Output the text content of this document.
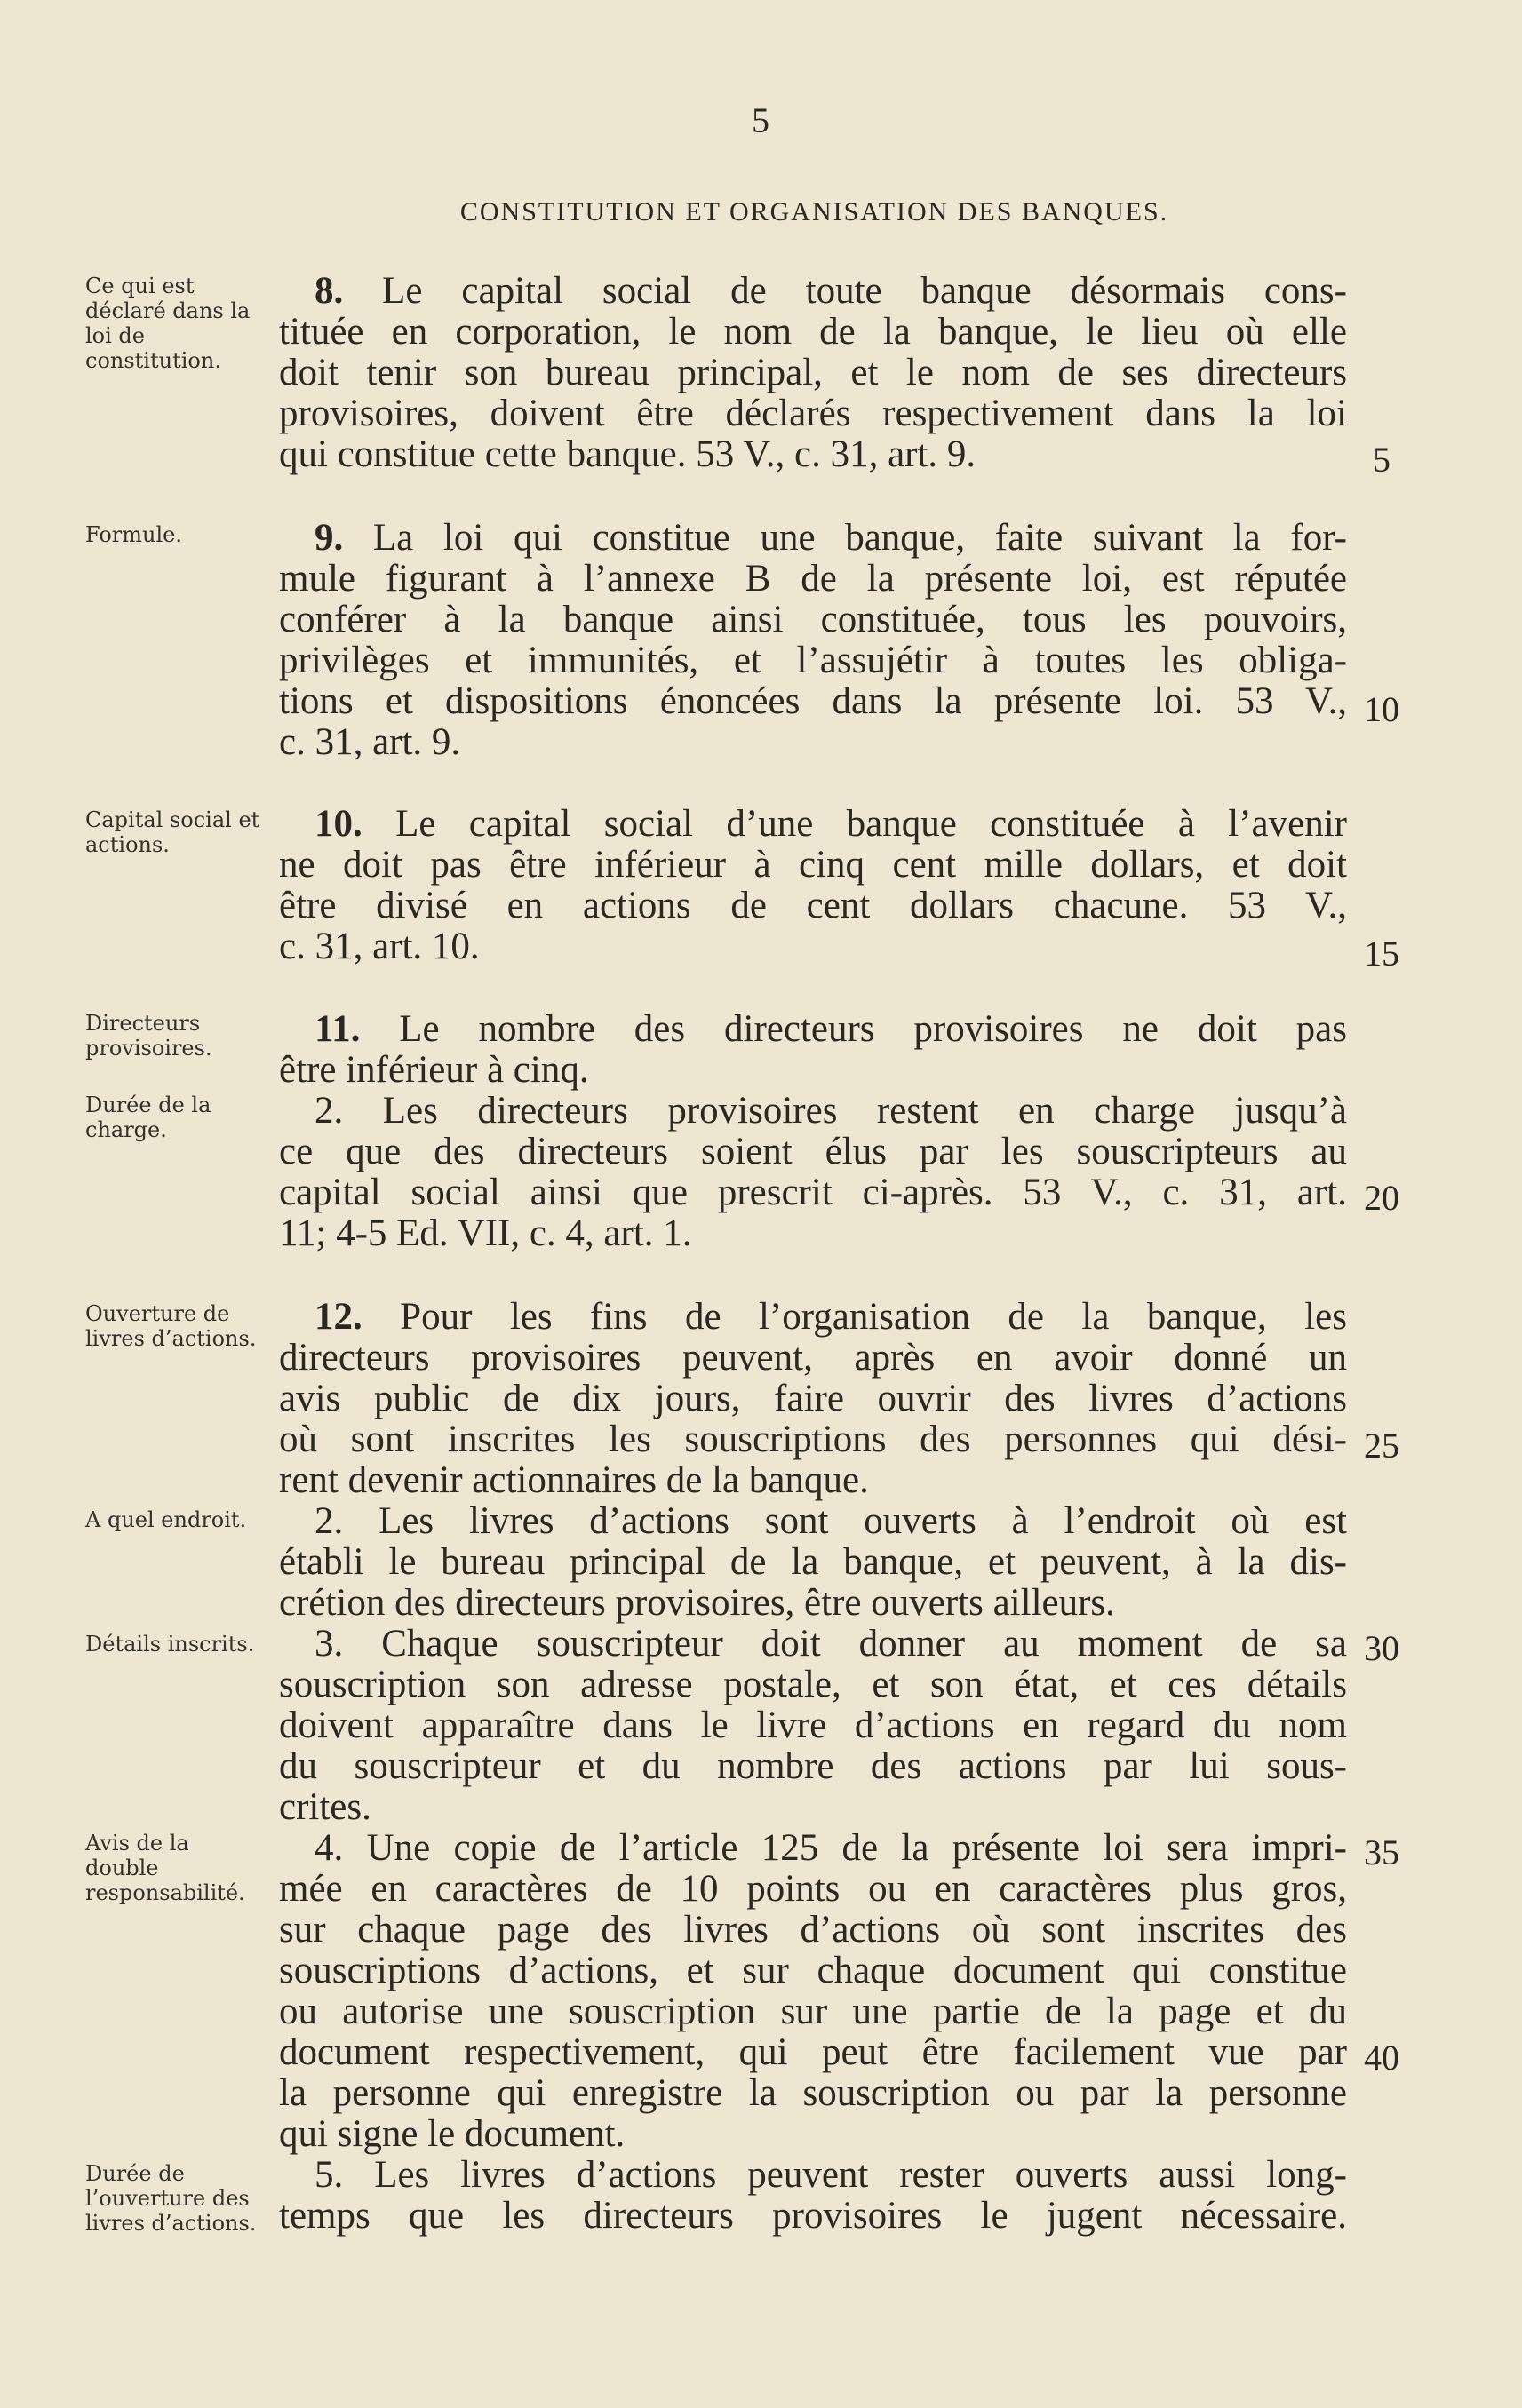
5
CONSTITUTION ET ORGANISATION DES BANQUES.
Ce qui est déclaré dans la loi de constitution.
Formule.
Capital social et actions.
Directeurs provisoires.
Durée de la charge.
Ouverture de livres d’actions.
A quel endroit.
Détails inscrits.
Avis de la double responsabilité.
Durée de l’ouverture des livres d’actions.
8. Le capital social de toute banque désormais cons-
tituée en corporation, le nom de la banque, le lieu où elle
doit tenir son bureau principal, et le nom de ses directeurs
provisoires, doivent être déclarés respectivement dans la loi
qui constitue cette banque. 53 V., c. 31, art. 9.
9. La loi qui constitue une banque, faite suivant la for-
mule figurant à l’annexe B de la présente loi, est réputée
conférer à la banque ainsi constituée, tous les pouvoirs,
privilèges et immunités, et l’assujétir à toutes les obliga-
tions et dispositions énoncées dans la présente loi. 53 V.,
c. 31, art. 9.
10. Le capital social d’une banque constituée à l’avenir
ne doit pas être inférieur à cinq cent mille dollars, et doit
être divisé en actions de cent dollars chacune. 53 V.,
c. 31, art. 10.
11. Le nombre des directeurs provisoires ne doit pas
être inférieur à cinq.
2. Les directeurs provisoires restent en charge jusqu’à
ce que des directeurs soient élus par les souscripteurs au
capital social ainsi que prescrit ci-après. 53 V., c. 31, art.
11; 4-5 Ed. VII, c. 4, art. 1.
12. Pour les fins de l’organisation de la banque, les
directeurs provisoires peuvent, après en avoir donné un
avis public de dix jours, faire ouvrir des livres d’actions
où sont inscrites les souscriptions des personnes qui dési-
rent devenir actionnaires de la banque.
2. Les livres d’actions sont ouverts à l’endroit où est
établi le bureau principal de la banque, et peuvent, à la dis-
crétion des directeurs provisoires, être ouverts ailleurs.
3. Chaque souscripteur doit donner au moment de sa
souscription son adresse postale, et son état, et ces détails
doivent apparaître dans le livre d’actions en regard du nom
du souscripteur et du nombre des actions par lui sous-
crites.
4. Une copie de l’article 125 de la présente loi sera impri-
mée en caractères de 10 points ou en caractères plus gros,
sur chaque page des livres d’actions où sont inscrites des
souscriptions d’actions, et sur chaque document qui constitue
ou autorise une souscription sur une partie de la page et du
document respectivement, qui peut être facilement vue par
la personne qui enregistre la souscription ou par la personne
qui signe le document.
5. Les livres d’actions peuvent rester ouverts aussi long-
temps que les directeurs provisoires le jugent nécessaire.
5
10
15
20
25
30
35
40
